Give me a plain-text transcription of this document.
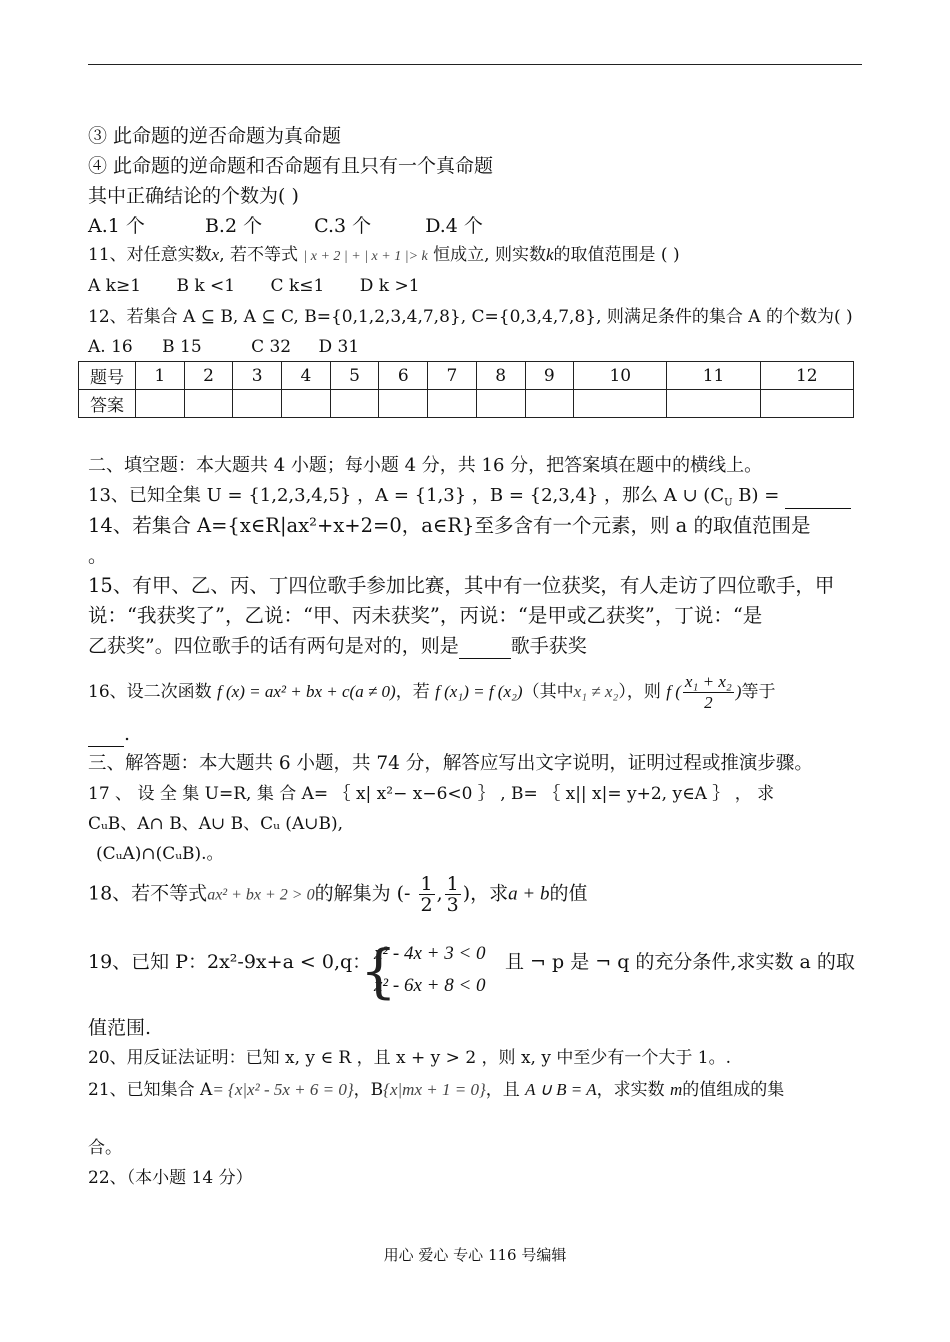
③ 此命题的逆否命题为真命题
④ 此命题的逆命题和否命题有且只有一个真命题
其中正确结论的个数为( )
A.1 个	B.2 个	C.3 个	D.4 个
11、对任意实数x, 若不等式 | x + 2 | + | x + 1 |> k 恒成立, 则实数k的取值范围是 ( )
A k≥1 B k <1 C k≤1 D k >1
12、若集合 A ⊆ B, A ⊆ C, B={0,1,2,3,4,7,8}, C={0,3,4,7,8}, 则满足条件的集合 A 的个数为( )
A. 16 B 15	C 32 D 31
题号	1	2	3	4	5	6	7	8	9	10	11	12
答案												
二、填空题：本大题共 4 小题；每小题 4 分，共 16 分，把答案填在题中的横线上。
13、已知全集 U = {1,2,3,4,5} ，A = {1,3} ，B = {2,3,4} ，那么 A ∪ ($C_U$ B) =
14、若集合 A={x∈R|ax²+x+2=0，a∈R}至多含有一个元素，则 a 的取值范围是
。
15、有甲、乙、丙、丁四位歌手参加比赛，其中有一位获奖，有人走访了四位歌手，甲
说：“我获奖了”，乙说：“甲、丙未获奖”，丙说：“是甲或乙获奖”，丁说：“是
乙获奖”。四位歌手的话有两句是对的，则是	歌手获奖
16、设二次函数 f (x) = ax² + bx + c(a ≠ 0)，若 f (x₁) = f (x₂)（其中x₁ ≠ x₂），则 f ( $\frac{\text{x₁ + x₂}}{2}$ )等于
.
三、解答题：本大题共 6 小题，共 74 分，解答应写出文字说明，证明过程或推演步骤。
17 、 设 全 集 U=R, 集 合 A= ｛ x| x²− x−6<0 ｝ , B= ｛ x|| x|= y+2, y∈A ｝ ， 求
CᵤB、A∩ B、A∪ B、Cᵤ (A∪B),
(CᵤA)∩(CᵤB).。
18、若不等式ax² + bx + 2 > 0的解集为 (- $\frac{1}{2}$ , $\frac{1}{3}$ )，求a + b的值
19、已知 P：2x²-9x+a < 0,q：
{
x² - 4x + 3 < 0
x² - 6x + 8 < 0
且 ¬ p 是 ¬ q 的充分条件,求实数 a 的取
值范围.
20、用反证法证明：已知 x, y ∈ R ，且 x + y > 2 ，则 x, y 中至少有一个大于 1。.
21、已知集合 A= {x|x² - 5x + 6 = 0}，B{x|mx + 1 = 0}，且 A ∪ B = A，求实数 m的值组成的集
合。
22、（本小题 14 分）
用心 爱心 专心 116 号编辑
